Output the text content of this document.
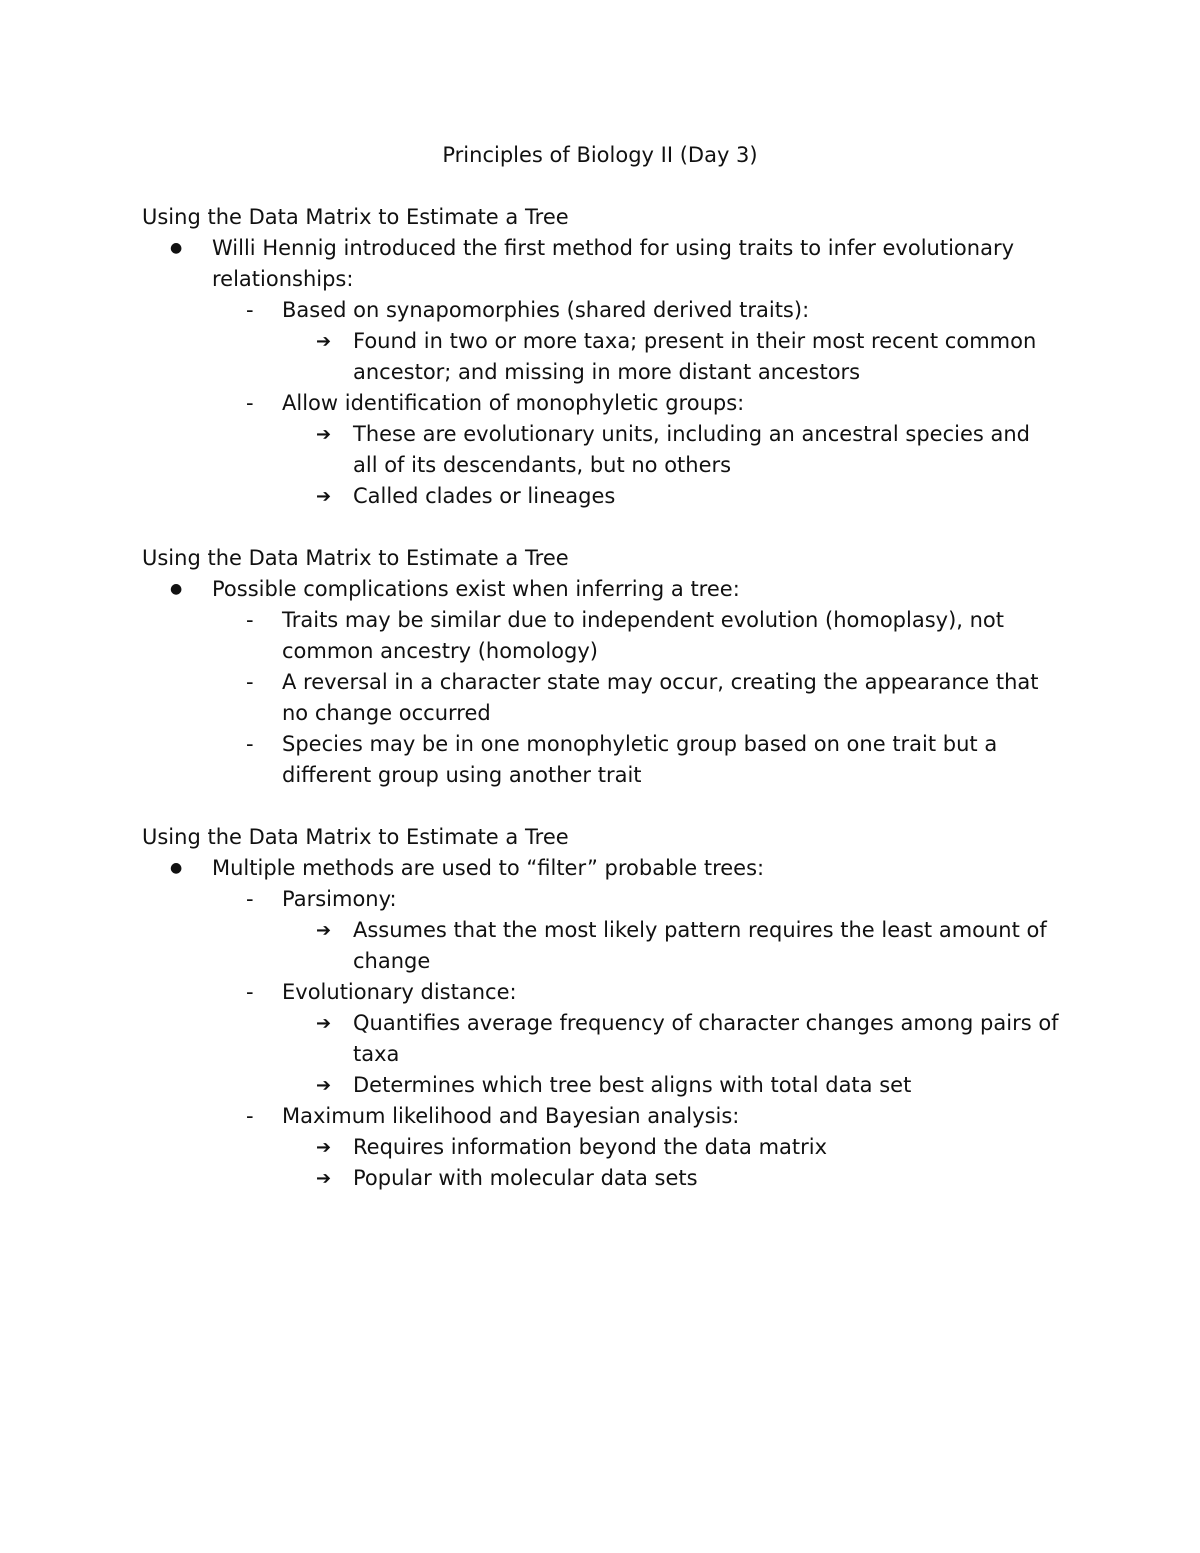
Principles of Biology II (Day 3)
Using the Data Matrix to Estimate a Tree
● Willi Hennig introduced the first method for using traits to infer evolutionary
relationships:
- Based on synapomorphies (shared derived traits):
➔ Found in two or more taxa; present in their most recent common
ancestor; and missing in more distant ancestors
- Allow identification of monophyletic groups:
➔ These are evolutionary units, including an ancestral species and
all of its descendants, but no others
➔ Called clades or lineages
Using the Data Matrix to Estimate a Tree
● Possible complications exist when inferring a tree:
- Traits may be similar due to independent evolution (homoplasy), not
common ancestry (homology)
- A reversal in a character state may occur, creating the appearance that
no change occurred
- Species may be in one monophyletic group based on one trait but a
different group using another trait
Using the Data Matrix to Estimate a Tree
● Multiple methods are used to “filter” probable trees:
- Parsimony:
➔ Assumes that the most likely pattern requires the least amount of
change
- Evolutionary distance:
➔ Quantifies average frequency of character changes among pairs of
taxa
➔ Determines which tree best aligns with total data set
- Maximum likelihood and Bayesian analysis:
➔ Requires information beyond the data matrix
➔ Popular with molecular data sets
